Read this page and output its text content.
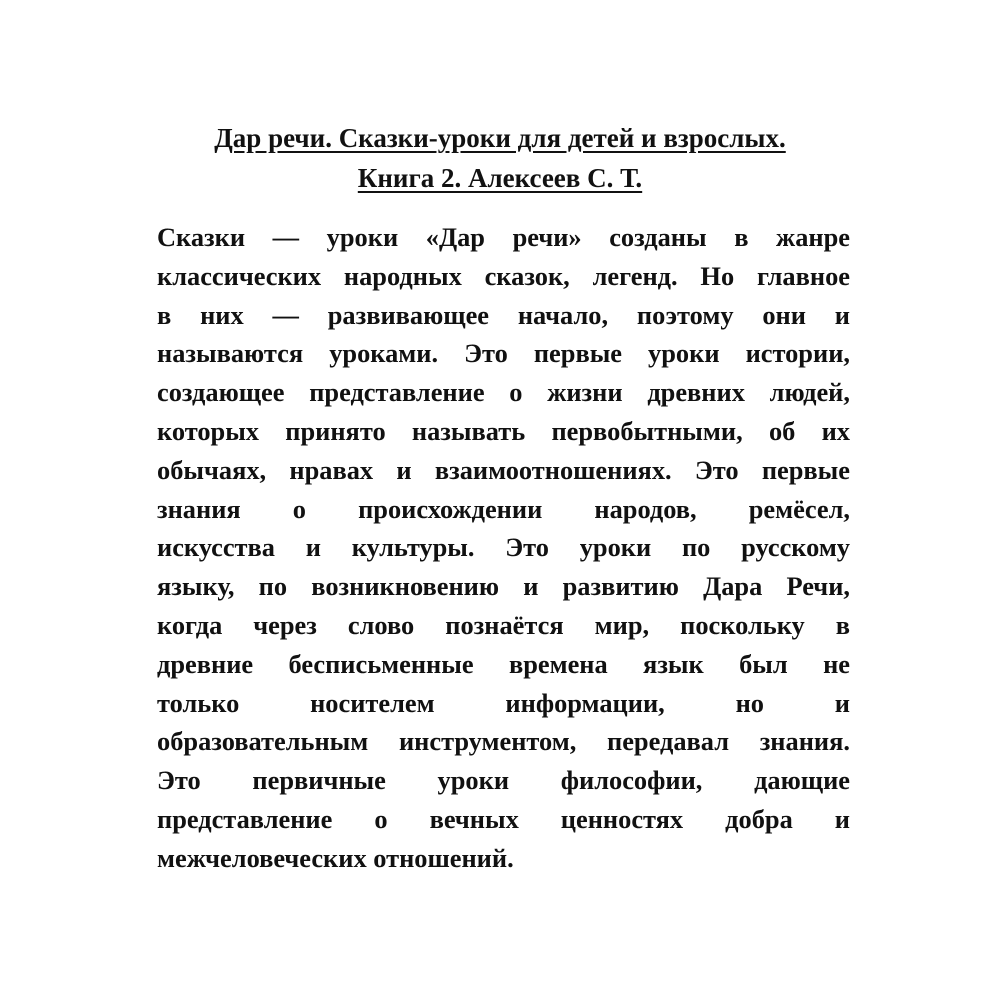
Дар речи. Сказки-уроки для детей и взрослых.
Книга 2. Алексеев С. Т.
Сказки — уроки «Дар речи» созданы в жанре
классических народных сказок, легенд. Но главное
в них — развивающее начало, поэтому они и
называются уроками. Это первые уроки истории,
создающее представление о жизни древних людей,
которых принято называть первобытными, об их
обычаях, нравах и взаимоотношениях. Это первые
знания о происхождении народов, ремёсел,
искусства и культуры. Это уроки по русскому
языку, по возникновению и развитию Дара Речи,
когда через слово познаётся мир, поскольку в
древние бесписьменные времена язык был не
только носителем информации, но и
образовательным инструментом, передавал знания.
Это первичные уроки философии, дающие
представление о вечных ценностях добра и
межчеловеческих отношений.
